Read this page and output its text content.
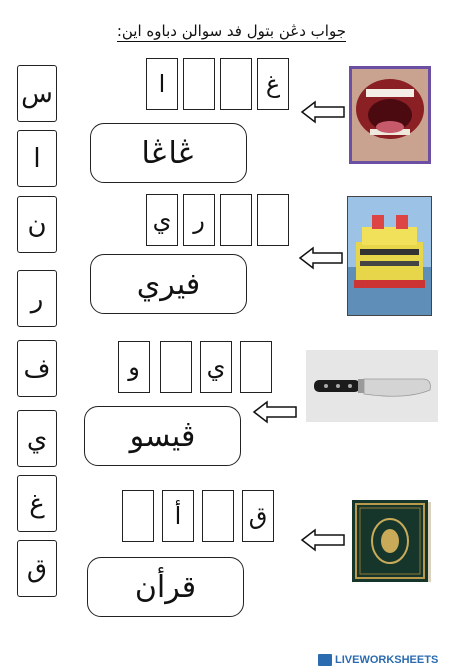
جواب دڠن بتول فد سوالن دباوه اين:
س
ا
ن
ر
ف
ي
غ
ق
ا	غ
ڠاڠا
ي ر
فيري
و	ي
ڤيسو
أ	ق
قرأن
LIVEWORKSHEETS
